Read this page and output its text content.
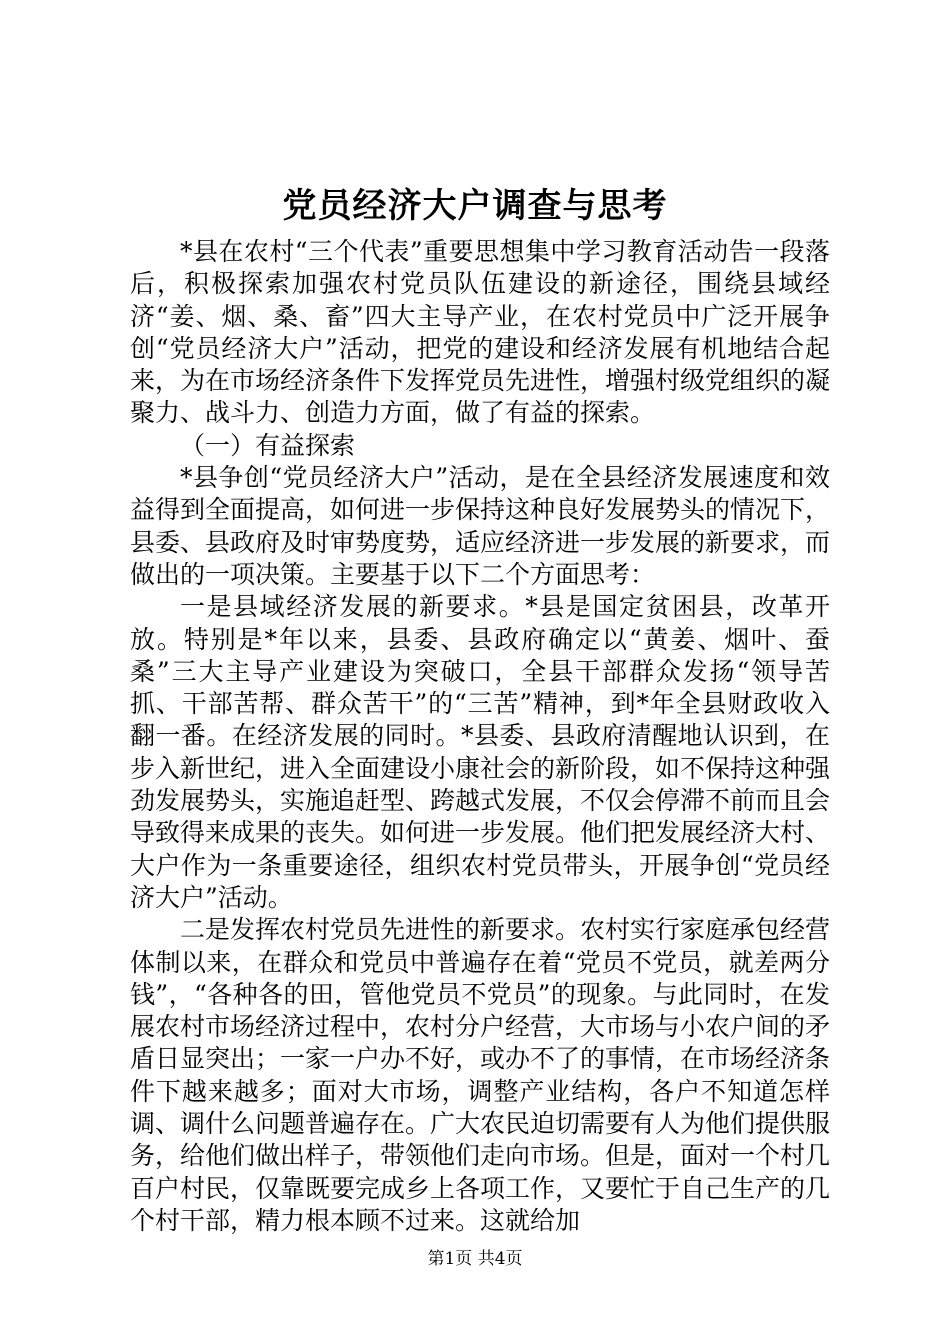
党员经济大户调查与思考

*县在农村“三个代表”重要思想集中学习教育活动告一段落后，积极探索加强农村党员队伍建设的新途径，围绕县域经济“姜、烟、桑、畜”四大主导产业，在农村党员中广泛开展争创“党员经济大户”活动，把党的建设和经济发展有机地结合起来，为在市场经济条件下发挥党员先进性，增强村级党组织的凝聚力、战斗力、创造力方面，做了有益的探索。

（一）有益探索

*县争创“党员经济大户”活动，是在全县经济发展速度和效益得到全面提高，如何进一步保持这种良好发展势头的情况下，县委、县政府及时审势度势，适应经济进一步发展的新要求，而做出的一项决策。主要基于以下二个方面思考：

一是县域经济发展的新要求。*县是国定贫困县，改革开放。特别是*年以来，县委、县政府确定以“黄姜、烟叶、蚕桑”三大主导产业建设为突破口，全县干部群众发扬“领导苦抓、干部苦帮、群众苦干”的“三苦”精神，到*年全县财政收入翻一番。在经济发展的同时。*县委、县政府清醒地认识到，在步入新世纪，进入全面建设小康社会的新阶段，如不保持这种强劲发展势头，实施追赶型、跨越式发展，不仅会停滞不前而且会导致得来成果的丧失。如何进一步发展。他们把发展经济大村、大户作为一条重要途径，组织农村党员带头，开展争创“党员经济大户”活动。

二是发挥农村党员先进性的新要求。农村实行家庭承包经营体制以来，在群众和党员中普遍存在着“党员不党员，就差两分钱”，“各种各的田，管他党员不党员”的现象。与此同时，在发展农村市场经济过程中，农村分户经营，大市场与小农户间的矛盾日显突出；一家一户办不好，或办不了的事情，在市场经济条件下越来越多；面对大市场，调整产业结构，各户不知道怎样调、调什么问题普遍存在。广大农民迫切需要有人为他们提供服务，给他们做出样子，带领他们走向市场。但是，面对一个村几百户村民，仅靠既要完成乡上各项工作，又要忙于自己生产的几个村干部，精力根本顾不过来。这就给加

第1页 共4页
